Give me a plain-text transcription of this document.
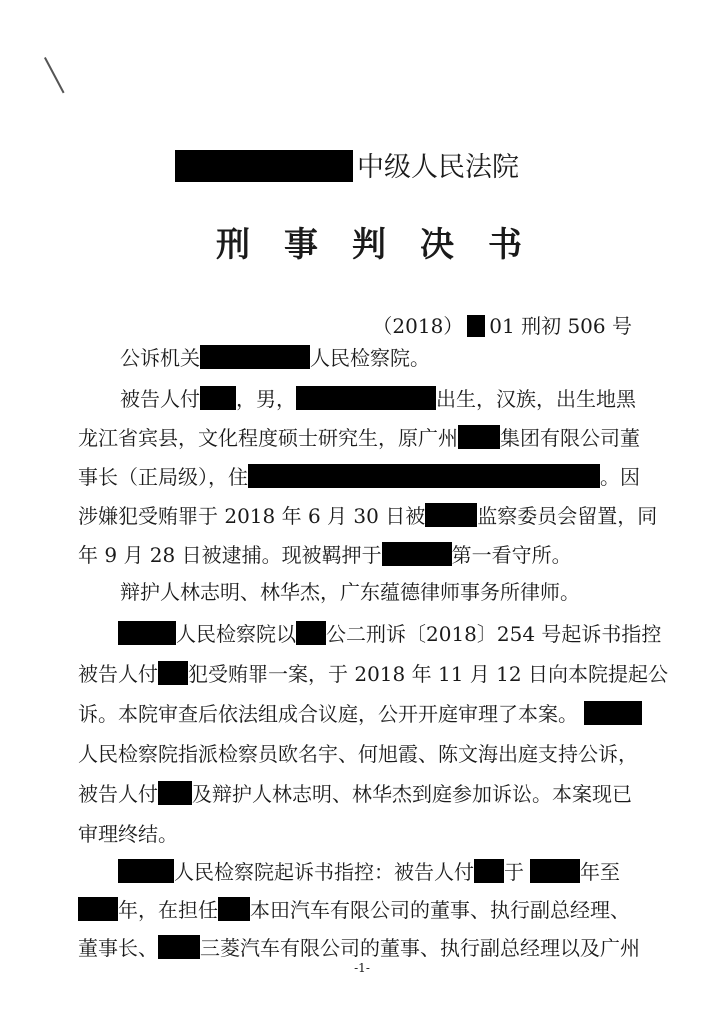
中级人民法院
刑 事 判 决 书
（2018） 01 刑初 506 号
公诉机关	人民检察院。
被告人付 ，男，	出生，汉族，出生地黑
龙江省宾县，文化程度硕士研究生，原广州 集团有限公司董
事长（正局级），住	。因
涉嫌犯受贿罪于 2018 年 6 月 30 日被	监察委员会留置，同
年 9 月 28 日被逮捕。现被羁押于	第一看守所。
辩护人林志明、林华杰，广东蕴德律师事务所律师。
人民检察院以 公二刑诉〔2018〕254 号起诉书指控
被告人付 犯受贿罪一案，于 2018 年 11 月 12 日向本院提起公
诉。本院审查后依法组成合议庭，公开开庭审理了本案。
人民检察院指派检察员欧名宇、何旭霞、陈文海出庭支持公诉，
被告人付 及辩护人林志明、林华杰到庭参加诉讼。本案现已
审理终结。
人民检察院起诉书指控：被告人付 于	年至
年，在担任 本田汽车有限公司的董事、执行副总经理、
董事长、 三菱汽车有限公司的董事、执行副总经理以及广州
-1-
